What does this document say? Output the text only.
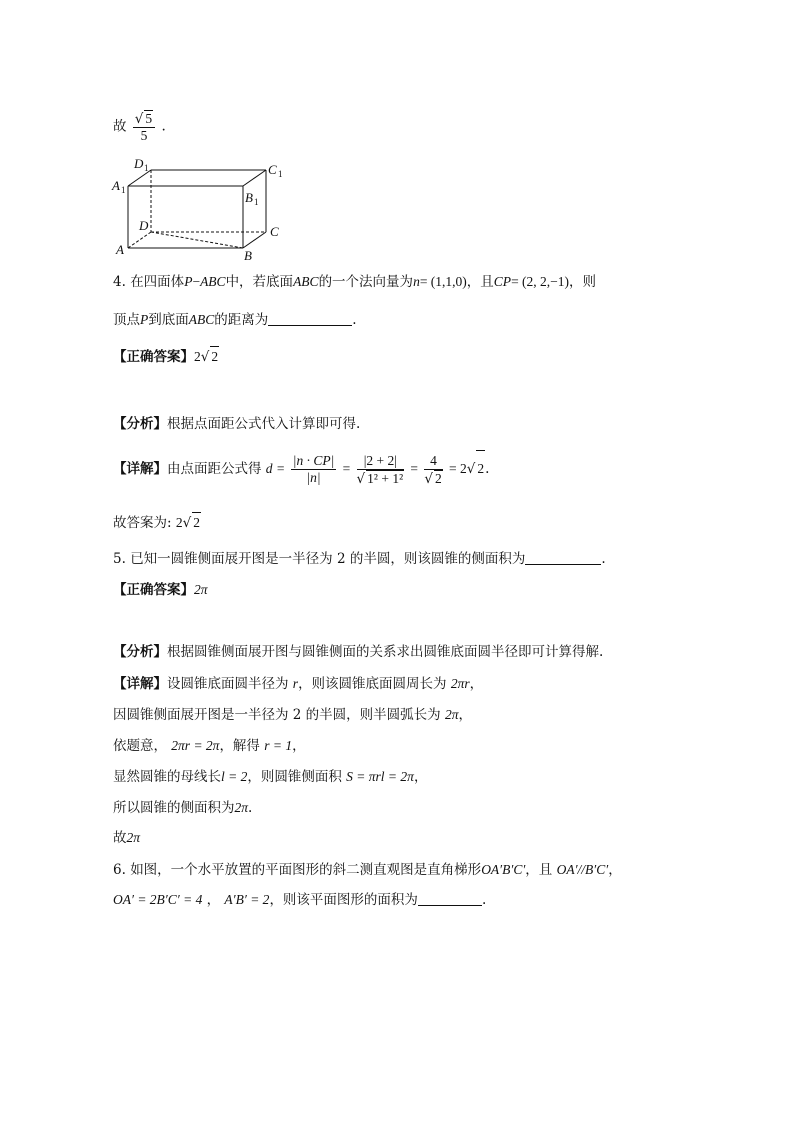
故 $\frac{√ 5}{5}$ .
D 1	C 1
A 1	B 1
D	C
A	B
4. 在四面体P−ABC中，若底面ABC的一个法向量为n= (1,1,0)，且CP= (2, 2,−1)，则
顶点P到底面ABC的距离为	.
【正确答案】2√ 2
【分析】根据点面距公式代入计算即可得.
【详解】由点面距公式得 $d = \frac{|n \cdot CP|}{|n|} = \frac{|2 + 2|}{\text{√ 1² + 1²}} = \frac{4}{√ 2} = 2√$ 2.
故答案为: 2√ 2
5. 已知一圆锥侧面展开图是一半径为 2 的半圆，则该圆锥的侧面积为	.
【正确答案】2π
【分析】根据圆锥侧面展开图与圆锥侧面的关系求出圆锥底面圆半径即可计算得解.
【详解】设圆锥底面圆半径为 r，则该圆锥底面圆周长为 2πr，
因圆锥侧面展开图是一半径为 2 的半圆，则半圆弧长为 2π，
依题意， 2πr = 2π，解得 r = 1，
显然圆锥的母线长l = 2，则圆锥侧面积 S = πrl = 2π，
所以圆锥的侧面积为2π.
故2π
6. 如图，一个水平放置的平面图形的斜二测直观图是直角梯形OA′B′C′，且 OA′//B′C′，
OA′ = 2B′C′ = 4 ， A′B′ = 2，则该平面图形的面积为	.
